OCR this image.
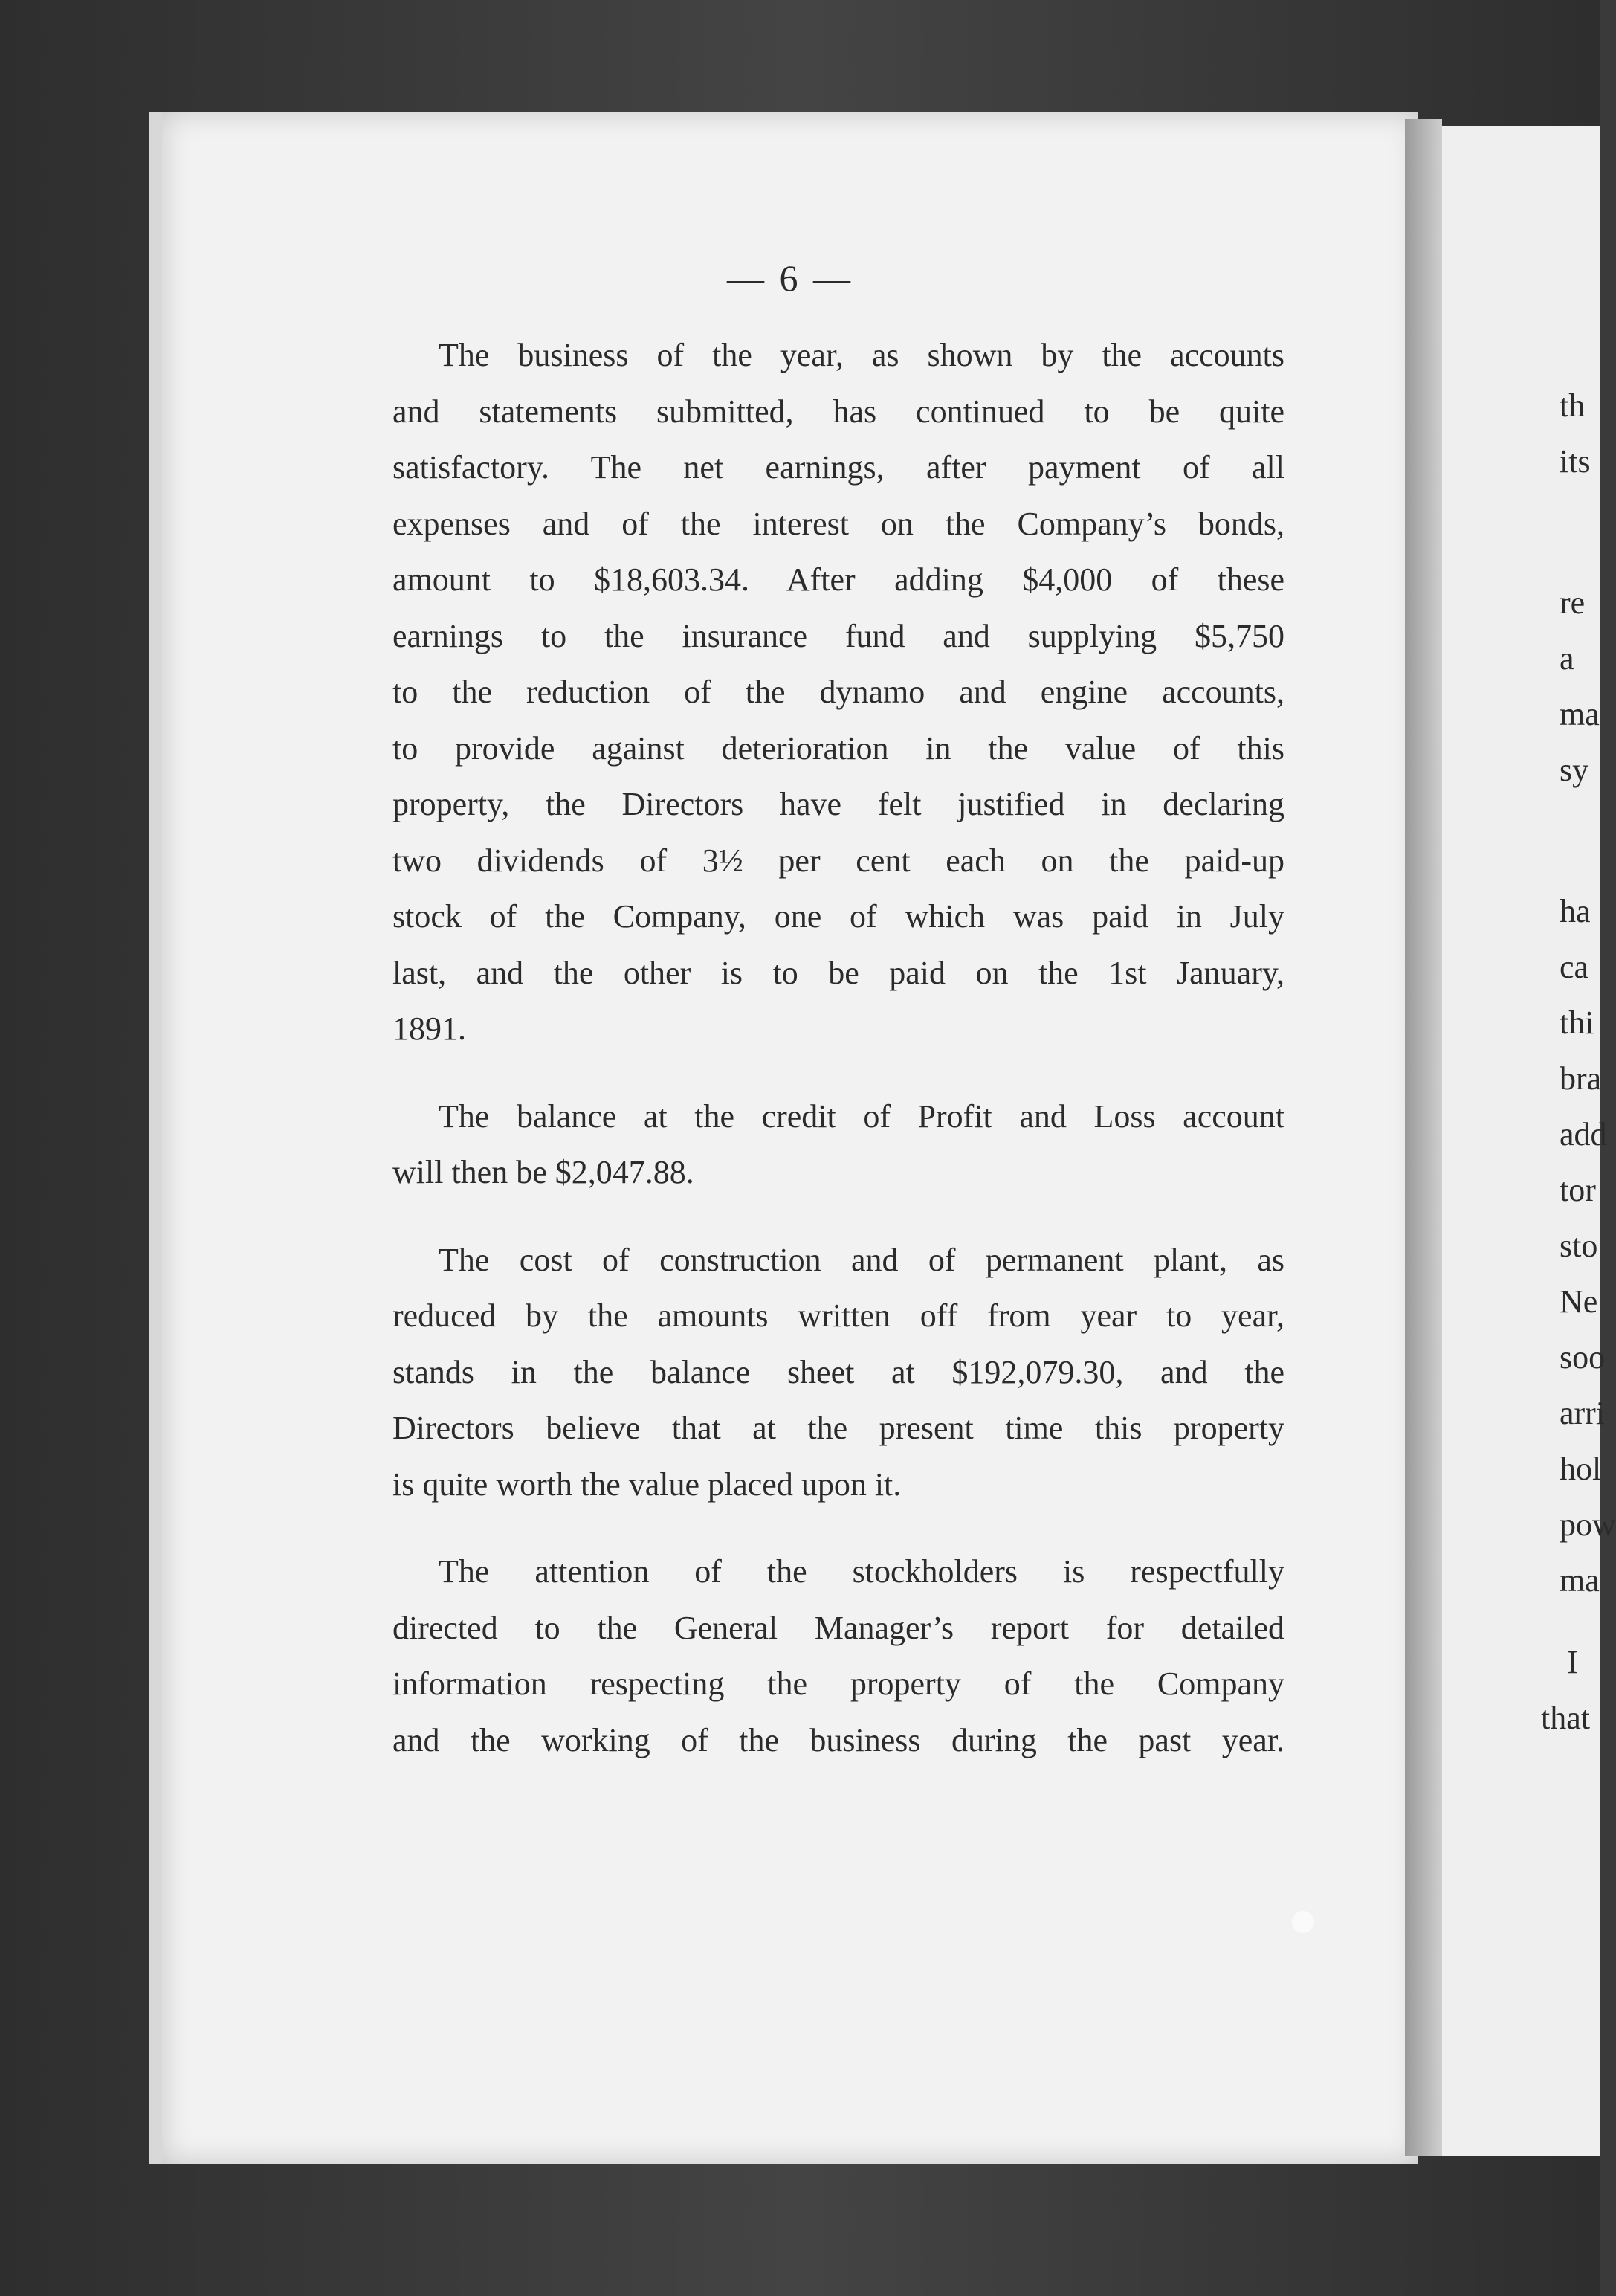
— 6 —
The business of the year, as shown by the accounts
and statements submitted, has continued to be quite
satisfactory. The net earnings, after payment of all
expenses and of the interest on the Company’s bonds,
amount to $18,603.34. After adding $4,000 of these
earnings to the insurance fund and supplying $5,750
to the reduction of the dynamo and engine accounts,
to provide against deterioration in the value of this
property, the Directors have felt justified in declaring
two dividends of 3½ per cent each on the paid-up
stock of the Company, one of which was paid in July
last, and the other is to be paid on the 1st January,
1891.
The balance at the credit of Profit and Loss account
will then be $2,047.88.
The cost of construction and of permanent plant, as
reduced by the amounts written off from year to year,
stands in the balance sheet at $192,079.30, and the
Directors believe that at the present time this property
is quite worth the value placed upon it.
The attention of the stockholders is respectfully
directed to the General Manager’s report for detailed
information respecting the property of the Company
and the working of the business during the past year.
th
its
re
a
ma
sy
ha
ca
thi
bra
add
tor
sto
Ne
soo
arri
hol
pow
ma
I
that
